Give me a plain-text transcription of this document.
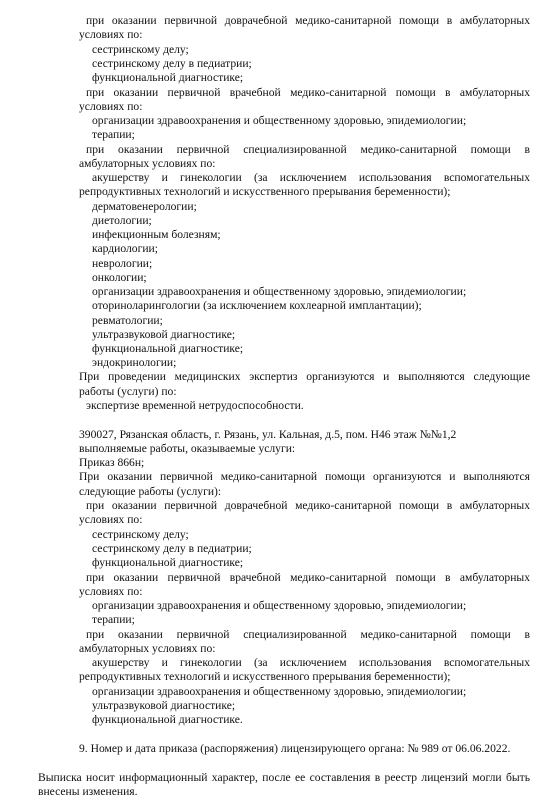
при оказании первичной доврачебной медико-санитарной помощи в амбулаторных
условиях по:
сестринскому делу;
сестринскому делу в педиатрии;
функциональной диагностике;
при оказании первичной врачебной медико-санитарной помощи в амбулаторных
условиях по:
организации здравоохранения и общественному здоровью, эпидемиологии;
терапии;
при оказании первичной специализированной медико-санитарной помощи в
амбулаторных условиях по:
акушерству и гинекологии (за исключением использования вспомогательных
репродуктивных технологий и искусственного прерывания беременности);
дерматовенерологии;
диетологии;
инфекционным болезням;
кардиологии;
неврологии;
онкологии;
организации здравоохранения и общественному здоровью, эпидемиологии;
оториноларингологии (за исключением кохлеарной имплантации);
ревматологии;
ультразвуковой диагностике;
функциональной диагностике;
эндокринологии;
При проведении медицинских экспертиз организуются и выполняются следующие
работы (услуги) по:
экспертизе временной нетрудоспособности.
390027, Рязанская область, г. Рязань, ул. Кальная, д.5, пом. Н46 этаж №№1,2
выполняемые работы, оказываемые услуги:
Приказ 866н;
При оказании первичной медико-санитарной помощи организуются и выполняются
следующие работы (услуги):
при оказании первичной доврачебной медико-санитарной помощи в амбулаторных
условиях по:
сестринскому делу;
сестринскому делу в педиатрии;
функциональной диагностике;
при оказании первичной врачебной медико-санитарной помощи в амбулаторных
условиях по:
организации здравоохранения и общественному здоровью, эпидемиологии;
терапии;
при оказании первичной специализированной медико-санитарной помощи в
амбулаторных условиях по:
акушерству и гинекологии (за исключением использования вспомогательных
репродуктивных технологий и искусственного прерывания беременности);
организации здравоохранения и общественному здоровью, эпидемиологии;
ультразвуковой диагностике;
функциональной диагностике.
9. Номер и дата приказа (распоряжения) лицензирующего органа: № 989 от 06.06.2022.
Выписка носит информационный характер, после ее составления в реестр лицензий могли быть
внесены изменения.
